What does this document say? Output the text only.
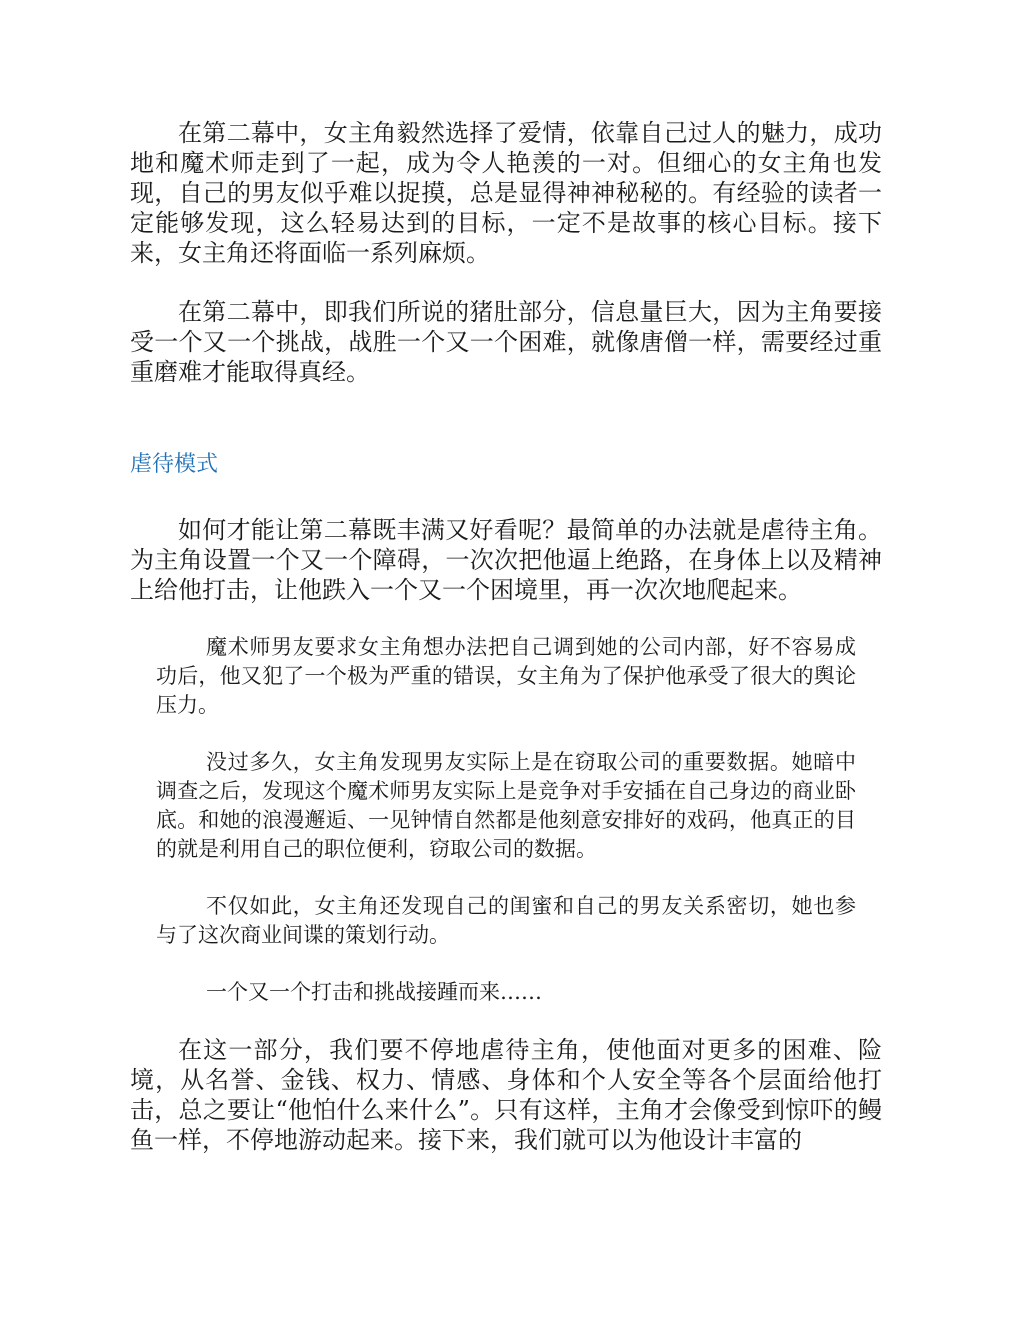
在第二幕中，女主角毅然选择了爱情，依靠自己过人的魅力，成功地和魔术师走到了一起，成为令人艳羡的一对。但细心的女主角也发现，自己的男友似乎难以捉摸，总是显得神神秘秘的。有经验的读者一定能够发现，这么轻易达到的目标，一定不是故事的核心目标。接下来，女主角还将面临一系列麻烦。

在第二幕中，即我们所说的猪肚部分，信息量巨大，因为主角要接受一个又一个挑战，战胜一个又一个困难，就像唐僧一样，需要经过重重磨难才能取得真经。

虐待模式

如何才能让第二幕既丰满又好看呢？最简单的办法就是虐待主角。为主角设置一个又一个障碍，一次次把他逼上绝路，在身体上以及精神上给他打击，让他跌入一个又一个困境里，再一次次地爬起来。

魔术师男友要求女主角想办法把自己调到她的公司内部，好不容易成功后，他又犯了一个极为严重的错误，女主角为了保护他承受了很大的舆论压力。

没过多久，女主角发现男友实际上是在窃取公司的重要数据。她暗中调查之后，发现这个魔术师男友实际上是竞争对手安插在自己身边的商业卧底。和她的浪漫邂逅、一见钟情自然都是他刻意安排好的戏码，他真正的目的就是利用自己的职位便利，窃取公司的数据。

不仅如此，女主角还发现自己的闺蜜和自己的男友关系密切，她也参与了这次商业间谍的策划行动。

一个又一个打击和挑战接踵而来……

在这一部分，我们要不停地虐待主角，使他面对更多的困难、险境，从名誉、金钱、权力、情感、身体和个人安全等各个层面给他打击，总之要让“他怕什么来什么”。只有这样，主角才会像受到惊吓的鳗鱼一样，不停地游动起来。接下来，我们就可以为他设计丰富的
